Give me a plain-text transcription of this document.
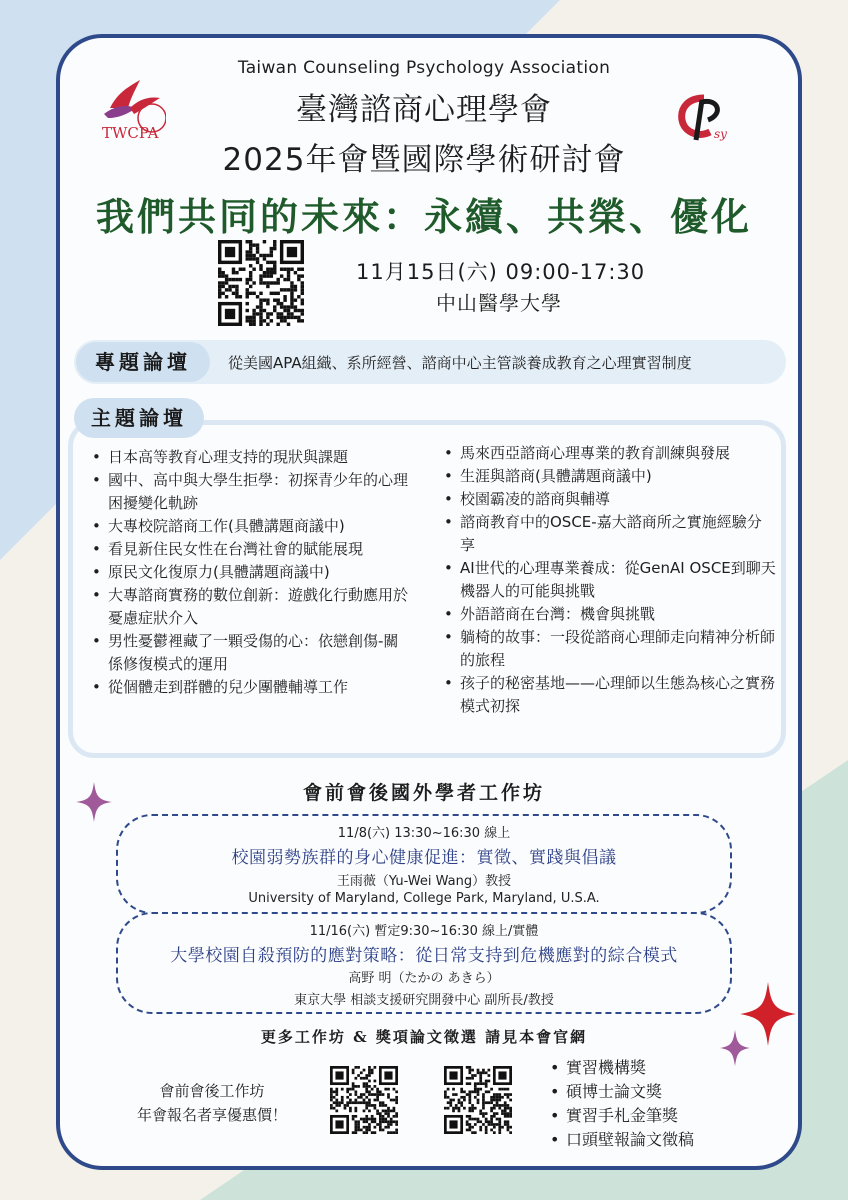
TWCPA	sy
Taiwan Counseling Psychology Association
臺灣諮商心理學會
2025年會暨國際學術研討會
我們共同的未來：永續、共榮、優化
11月15日(六) 09:00-17:30
中山醫學大學
專題論壇	從美國APA組織、系所經營、諮商中心主管談養成教育之心理實習制度
主題論壇
• 日本高等教育心理支持的現狀與課題
• 國中、高中與大學生拒學：初探青少年的心理困擾變化軌跡
• 大專校院諮商工作(具體講題商議中)
• 看見新住民女性在台灣社會的賦能展現
• 原民文化復原力(具體講題商議中)
• 大專諮商實務的數位創新：遊戲化行動應用於憂慮症狀介入
• 男性憂鬱裡藏了一顆受傷的心：依戀創傷-關係修復模式的運用
• 從個體走到群體的兒少團體輔導工作
• 馬來西亞諮商心理專業的教育訓練與發展
• 生涯與諮商(具體講題商議中)
• 校園霸凌的諮商與輔導
• 諮商教育中的OSCE-嘉大諮商所之實施經驗分享
• AI世代的心理專業養成：從GenAI OSCE到聊天機器人的可能與挑戰
• 外語諮商在台灣：機會與挑戰
• 躺椅的故事：一段從諮商心理師走向精神分析師的旅程
• 孩子的秘密基地——心理師以生態為核心之實務模式初探
會前會後國外學者工作坊
11/8(六) 13:30~16:30 線上
校園弱勢族群的身心健康促進：實徵、實踐與倡議
王雨薇（Yu-Wei Wang）教授
University of Maryland, College Park, Maryland, U.S.A.
11/16(六) 暫定9:30~16:30 線上/實體
大學校園自殺預防的應對策略：從日常支持到危機應對的綜合模式
高野 明（たかの あきら）
東京大學 相談支援研究開發中心 副所長/教授
更多工作坊 & 獎項論文徵選 請見本會官網
會前會後工作坊
年會報名者享優惠價！
• 實習機構獎
• 碩博士論文獎
• 實習手札金筆獎
• 口頭壁報論文徵稿
